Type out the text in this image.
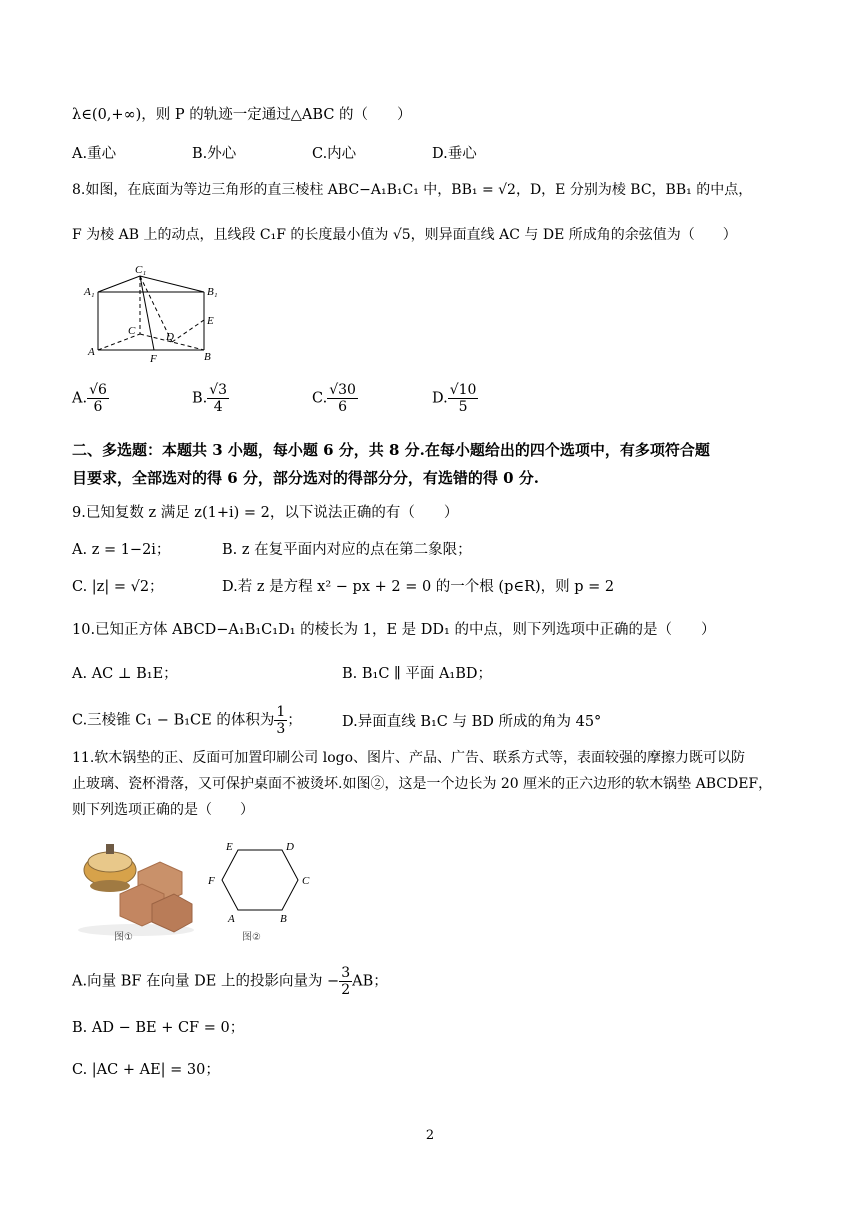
λ∈(0,+∞)，则 P 的轨迹一定通过△ABC 的（　　）
A.重心	B.外心	C.内心	D.垂心
8.如图，在底面为等边三角形的直三棱柱 ABC−A₁B₁C₁ 中，BB₁ = √2，D，E 分别为棱 BC，BB₁ 的中点，
F 为棱 AB 上的动点，且线段 C₁F 的长度最小值为 √5，则异面直线 AC 与 DE 所成角的余弦值为（　　）
C₁
A₁	B₁
E
C	D
A
F	B
A. $\frac{√6}{6}$	B. $\frac{√3}{4}$	C. $\frac{√30}{6}$	D. $\frac{√10}{5}$
二、多选题：本题共 3 小题，每小题 6 分，共 8 分.在每小题给出的四个选项中，有多项符合题
目要求，全部选对的得 6 分，部分选对的得部分分，有选错的得 0 分.
9.已知复数 z 满足 z(1+i) = 2，以下说法正确的有（　　）
A. z = 1−2i；	B. z 在复平面内对应的点在第二象限；
C. |z| = √2；	D.若 z 是方程 x² − px + 2 = 0 的一个根 (p∈R)，则 p = 2
10.已知正方体 ABCD−A₁B₁C₁D₁ 的棱长为 1，E 是 DD₁ 的中点，则下列选项中正确的是（　　）
A. AC ⊥ B₁E；	B. B₁C ∥ 平面 A₁BD；
C.三棱锥 C₁ − B₁CE 的体积为 $\frac{1}{3}$ ；	D.异面直线 B₁C 与 BD 所成的角为 45°
11.软木锅垫的正、反面可加置印刷公司 logo、图片、产品、广告、联系方式等，表面较强的摩擦力既可以防
止玻璃、瓷杯滑落，又可保护桌面不被烫坏.如图②，这是一个边长为 20 厘米的正六边形的软木锅垫 ABCDEF，
则下列选项正确的是（　　）
图①
E	D
F	C
A	B
图②
A.向量 BF 在向量 DE 上的投影向量为 − $\frac{3}{2}$ AB；
B. AD − BE + CF = 0；
C. |AC + AE| = 30；
2
